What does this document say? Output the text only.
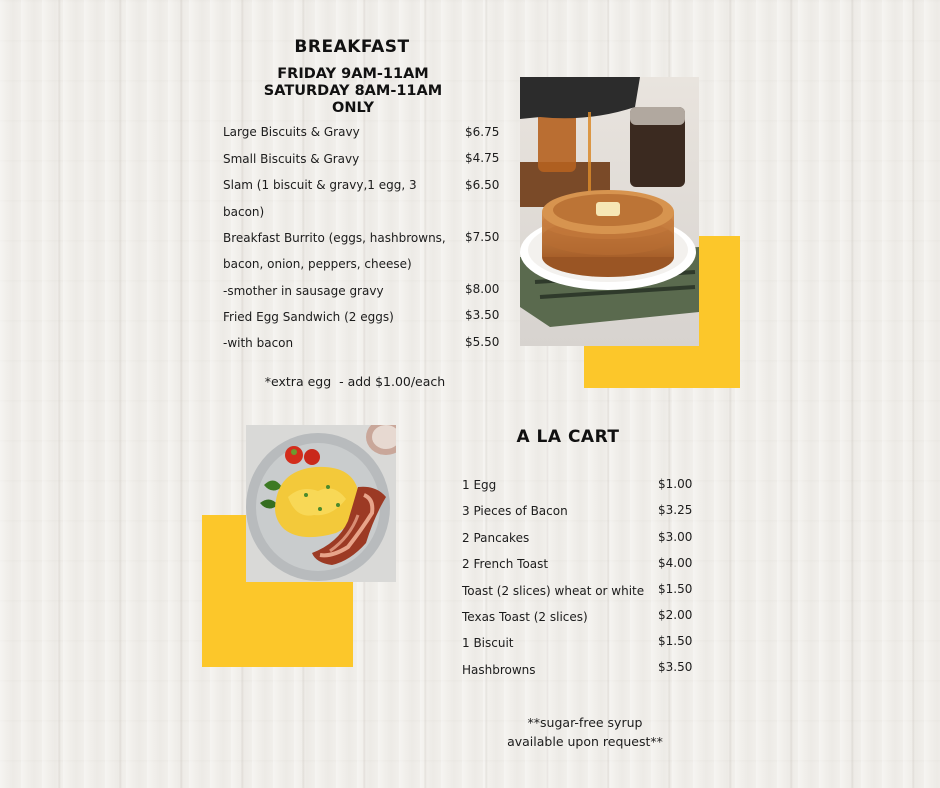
BREAKFAST
FRIDAY 9AM-11AM
SATURDAY 8AM-11AM
ONLY
Large Biscuits & Gravy	$6.75
Small Biscuits & Gravy	$4.75
Slam (1 biscuit & gravy,1 egg, 3
bacon)
$6.50
Breakfast Burrito (eggs, hashbrowns,
bacon, onion, peppers, cheese)
$7.50
-smother in sausage gravy	$8.00
Fried Egg Sandwich (2 eggs)	$3.50
-with bacon	$5.50
*extra egg  - add $1.00/each
A LA CART
1 Egg	$1.00
3 Pieces of Bacon	$3.25
2 Pancakes	$3.00
2 French Toast	$4.00
Toast (2 slices) wheat or white $1.50
Texas Toast (2 slices)	$2.00
1 Biscuit	$1.50
Hashbrowns	$3.50
**sugar-free syrup
available upon request**
